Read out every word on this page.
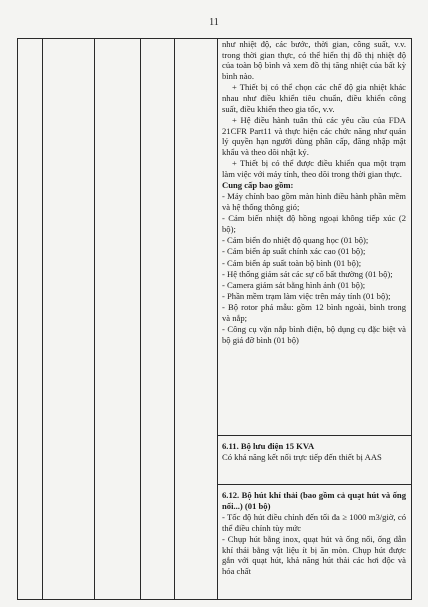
11

như nhiệt độ, các bước, thời gian, công suất, v.v. trong thời gian thực, có thể hiển thị đồ thị nhiệt độ của toàn bộ bình và xem đồ thị tăng nhiệt của bất kỳ bình nào.

+ Thiết bị có thể chọn các chế độ gia nhiệt khác nhau như điều khiển tiêu chuẩn, điều khiển công suất, điều khiển theo gia tốc, v.v.

+ Hệ điều hành tuân thủ các yêu cầu của FDA 21CFR Part11 và thực hiện các chức năng như quản lý quyền hạn người dùng phân cấp, đăng nhập mật khẩu và theo dõi nhật ký.

+ Thiết bị có thể được điều khiển qua một trạm làm việc với máy tính, theo dõi trong thời gian thực.

Cung cấp bao gồm:

- Máy chính bao gồm màn hình điều hành phần mềm và hệ thống thông gió;

- Cảm biến nhiệt độ hồng ngoại không tiếp xúc (2 bộ);

- Cảm biến đo nhiệt độ quang học (01 bộ);

- Cảm biến áp suất chính xác cao (01 bộ);

- Cảm biến áp suất toàn bộ bình (01 bộ);

- Hệ thống giám sát các sự cố bất thường (01 bộ);

- Camera giám sát bằng hình ảnh (01 bộ);

- Phần mềm trạm làm việc trên máy tính (01 bộ);

- Bộ rotor phá mẫu: gồm 12 bình ngoài, bình trong và nắp;

- Công cụ vặn nắp bình điện, bộ dụng cụ đặc biệt và bộ giá đỡ bình (01 bộ)

6.11. Bộ lưu điện 15 KVA

Có khả năng kết nối trực tiếp đến thiết bị AAS

6.12. Bộ hút khí thải (bao gồm cả quạt hút và ống nối...) (01 bộ)

- Tốc độ hút điều chỉnh đến tối đa ≥ 1000 m3/giờ, có thể điều chỉnh tùy mức

- Chụp hút bằng inox, quạt hút và ống nối, ống dẫn khí thải bằng vật liệu ít bị ăn mòn. Chụp hút được gắn với quạt hút, khả năng hút thải các hơi độc và hóa chất
